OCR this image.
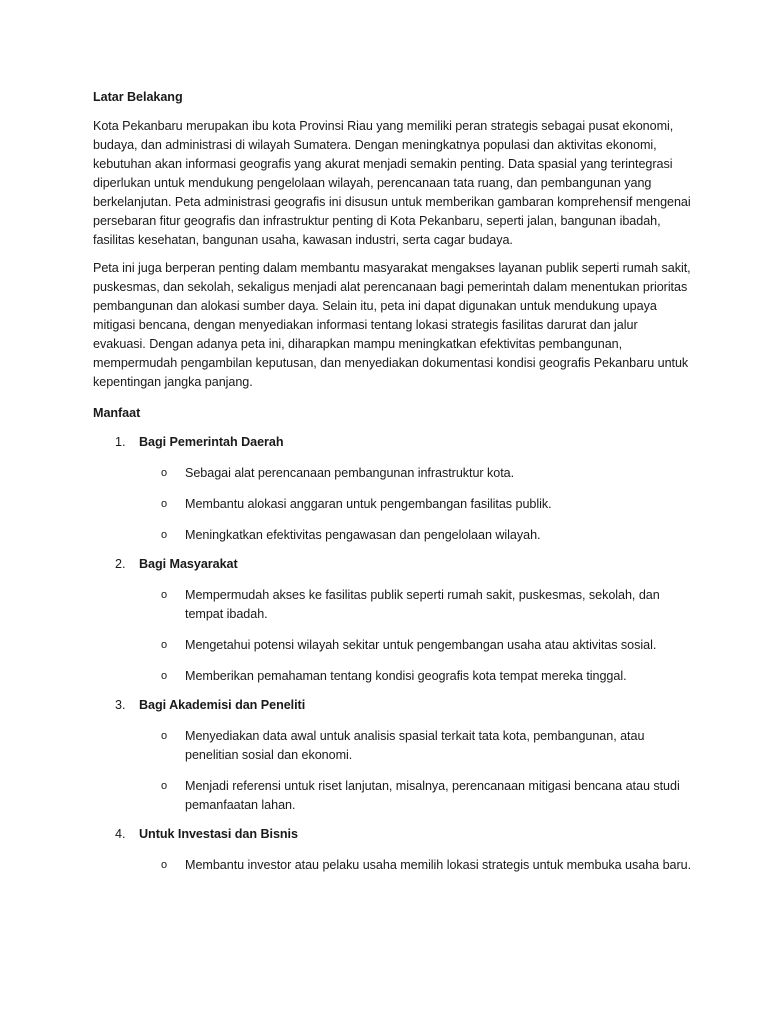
Latar Belakang

Kota Pekanbaru merupakan ibu kota Provinsi Riau yang memiliki peran strategis sebagai pusat ekonomi, budaya, dan administrasi di wilayah Sumatera. Dengan meningkatnya populasi dan aktivitas ekonomi, kebutuhan akan informasi geografis yang akurat menjadi semakin penting. Data spasial yang terintegrasi diperlukan untuk mendukung pengelolaan wilayah, perencanaan tata ruang, dan pembangunan yang berkelanjutan. Peta administrasi geografis ini disusun untuk memberikan gambaran komprehensif mengenai persebaran fitur geografis dan infrastruktur penting di Kota Pekanbaru, seperti jalan, bangunan ibadah, fasilitas kesehatan, bangunan usaha, kawasan industri, serta cagar budaya.

Peta ini juga berperan penting dalam membantu masyarakat mengakses layanan publik seperti rumah sakit, puskesmas, dan sekolah, sekaligus menjadi alat perencanaan bagi pemerintah dalam menentukan prioritas pembangunan dan alokasi sumber daya. Selain itu, peta ini dapat digunakan untuk mendukung upaya mitigasi bencana, dengan menyediakan informasi tentang lokasi strategis fasilitas darurat dan jalur evakuasi. Dengan adanya peta ini, diharapkan mampu meningkatkan efektivitas pembangunan, mempermudah pengambilan keputusan, dan menyediakan dokumentasi kondisi geografis Pekanbaru untuk kepentingan jangka panjang.

Manfaat

1. Bagi Pemerintah Daerah
o Sebagai alat perencanaan pembangunan infrastruktur kota.
o Membantu alokasi anggaran untuk pengembangan fasilitas publik.
o Meningkatkan efektivitas pengawasan dan pengelolaan wilayah.
2. Bagi Masyarakat
o Mempermudah akses ke fasilitas publik seperti rumah sakit, puskesmas, sekolah, dan tempat ibadah.
o Mengetahui potensi wilayah sekitar untuk pengembangan usaha atau aktivitas sosial.
o Memberikan pemahaman tentang kondisi geografis kota tempat mereka tinggal.
3. Bagi Akademisi dan Peneliti
o Menyediakan data awal untuk analisis spasial terkait tata kota, pembangunan, atau penelitian sosial dan ekonomi.
o Menjadi referensi untuk riset lanjutan, misalnya, perencanaan mitigasi bencana atau studi pemanfaatan lahan.
4. Untuk Investasi dan Bisnis
o Membantu investor atau pelaku usaha memilih lokasi strategis untuk membuka usaha baru.
